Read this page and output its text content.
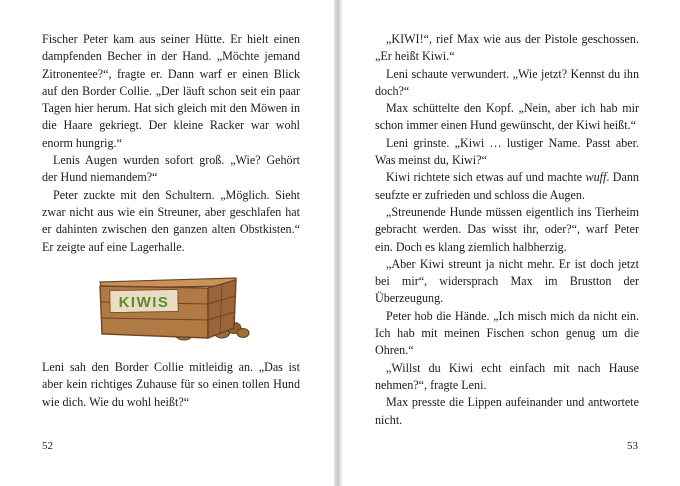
Fischer Peter kam aus seiner Hütte. Er hielt einen dampfenden Becher in der Hand. „Möchte jemand Zitronentee?“, fragte er. Dann warf er einen Blick auf den Border Collie. „Der läuft schon seit ein paar Tagen hier herum. Hat sich gleich mit den Möwen in die Haare gekriegt. Der kleine Racker war wohl enorm hungrig.“

Lenis Augen wurden sofort groß. „Wie? Gehört der Hund niemandem?“

Peter zuckte mit den Schultern. „Möglich. Sieht zwar nicht aus wie ein Streuner, aber geschlafen hat er dahinten zwischen den ganzen alten Obstkisten.“ Er zeigte auf eine Lagerhalle.

KIWIS

Leni sah den Border Collie mitleidig an. „Das ist aber kein richtiges Zuhause für so einen tollen Hund wie dich. Wie du wohl heißt?“

52

„KIWI!“, rief Max wie aus der Pistole geschossen. „Er heißt Kiwi.“

Leni schaute verwundert. „Wie jetzt? Kennst du ihn doch?“

Max schüttelte den Kopf. „Nein, aber ich hab mir schon immer einen Hund gewünscht, der Kiwi heißt.“

Leni grinste. „Kiwi … lustiger Name. Passt aber. Was meinst du, Kiwi?“

Kiwi richtete sich etwas auf und machte wuff. Dann seufzte er zufrieden und schloss die Augen.

„Streunende Hunde müssen eigentlich ins Tierheim gebracht werden. Das wisst ihr, oder?“, warf Peter ein. Doch es klang ziemlich halbherzig.

„Aber Kiwi streunt ja nicht mehr. Er ist doch jetzt bei mir“, widersprach Max im Brustton der Überzeugung.

Peter hob die Hände. „Ich misch mich da nicht ein. Ich hab mit meinen Fischen schon genug um die Ohren.“

„Willst du Kiwi echt einfach mit nach Hause nehmen?“, fragte Leni.

Max presste die Lippen aufeinander und antwortete nicht.

53
